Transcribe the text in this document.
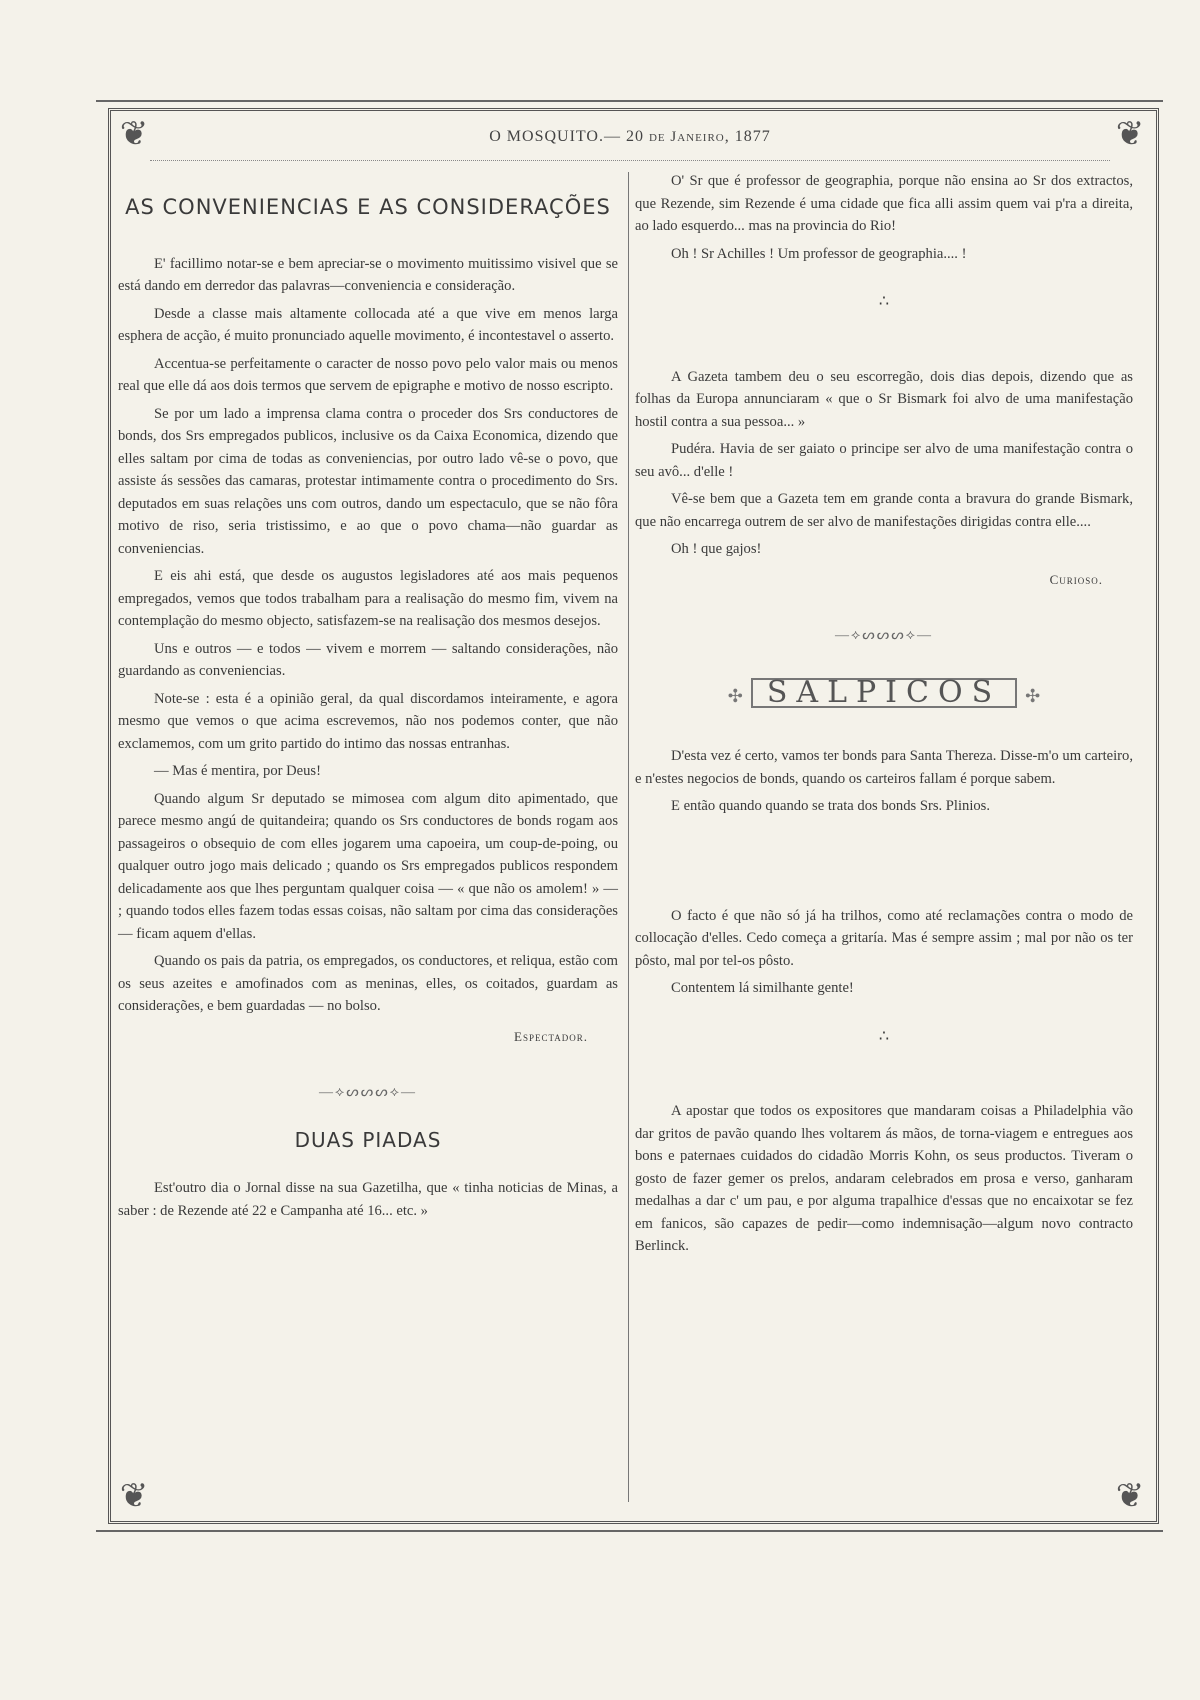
❦	❦
❦	❦
O MOSQUITO.— 20 de Janeiro, 1877
AS CONVENIENCIAS E AS CONSIDERAÇÕES

E' facillimo notar-se e bem apreciar-se o movimento muitissimo visivel que se está dando em derredor das palavras—conveniencia e consideração.

Desde a classe mais altamente collocada até a que vive em menos larga esphera de acção, é muito pronunciado aquelle movimento, é incontestavel o asserto.

Accentua-se perfeitamente o caracter de nosso povo pelo valor mais ou menos real que elle dá aos dois termos que servem de epigraphe e motivo de nosso escripto.

Se por um lado a imprensa clama contra o proceder dos Srs conductores de bonds, dos Srs empregados publicos, inclusive os da Caixa Economica, dizendo que elles saltam por cima de todas as conveniencias, por outro lado vê-se o povo, que assiste ás sessões das camaras, protestar intimamente contra o procedimento do Srs. deputados em suas relações uns com outros, dando um espectaculo, que se não fôra motivo de riso, seria tristissimo, e ao que o povo chama—não guardar as conveniencias.

E eis ahi está, que desde os augustos legisladores até aos mais pequenos empregados, vemos que todos trabalham para a realisação do mesmo fim, vivem na contemplação do mesmo objecto, satisfazem-se na realisação dos mesmos desejos.

Uns e outros — e todos — vivem e morrem — saltando considerações, não guardando as conveniencias.

Note-se : esta é a opinião geral, da qual discordamos inteiramente, e agora mesmo que vemos o que acima escrevemos, não nos podemos conter, que não exclamemos, com um grito partido do intimo das nossas entranhas.

— Mas é mentira, por Deus!

Quando algum Sr deputado se mimosea com algum dito apimentado, que parece mesmo angú de quitandeira; quando os Srs conductores de bonds rogam aos passageiros o obsequio de com elles jogarem uma capoeira, um coup-de-poing, ou qualquer outro jogo mais delicado ; quando os Srs empregados publicos respondem delicadamente aos que lhes perguntam qualquer coisa — « que não os amolem! » — ; quando todos elles fazem todas essas coisas, não saltam por cima das considerações — ficam aquem d'ellas.

Quando os pais da patria, os empregados, os conductores, et reliqua, estão com os seus azeites e amofinados com as meninas, elles, os coitados, guardam as considerações, e bem guardadas — no bolso.

Espectador.
—⟡ᔕᔕᔕ⟡—
DUAS PIADAS

Est'outro dia o Jornal disse na sua Gazetilha, que « tinha noticias de Minas, a saber : de Rezende até 22 e Campanha até 16... etc. »

O' Sr que é professor de geographia, porque não ensina ao Sr dos extractos, que Rezende, sim Rezende é uma cidade que fica alli assim quem vai p'ra a direita, ao lado esquerdo... mas na provincia do Rio!

Oh ! Sr Achilles ! Um professor de geographia.... !

∴

A Gazeta tambem deu o seu escorregão, dois dias depois, dizendo que as folhas da Europa annunciaram « que o Sr Bismark foi alvo de uma manifestação hostil contra a sua pessoa... »

Pudéra. Havia de ser gaiato o principe ser alvo de uma manifestação contra o seu avô... d'elle !

Vê-se bem que a Gazeta tem em grande conta a bravura do grande Bismark, que não encarrega outrem de ser alvo de manifestações dirigidas contra elle....

Oh ! que gajos!

Curioso.
—⟡ᔕᔕᔕ⟡—
✣ SALPICOS ✣

D'esta vez é certo, vamos ter bonds para Santa Thereza. Disse-m'o um carteiro, e n'estes negocios de bonds, quando os carteiros fallam é porque sabem.

E então quando quando se trata dos bonds Srs. Plinios.

O facto é que não só já ha trilhos, como até reclamações contra o modo de collocação d'elles. Cedo começa a gritaría. Mas é sempre assim ; mal por não os ter pôsto, mal por tel-os pôsto.

Contentem lá similhante gente!

∴

A apostar que todos os expositores que mandaram coisas a Philadelphia vão dar gritos de pavão quando lhes voltarem ás mãos, de torna-viagem e entregues aos bons e paternaes cuidados do cidadão Morris Kohn, os seus productos. Tiveram o gosto de fazer gemer os prelos, andaram celebrados em prosa e verso, ganharam medalhas a dar c' um pau, e por alguma trapalhice d'essas que no encaixotar se fez em fanicos, são capazes de pedir—como indemnisação—algum novo contracto Berlinck.
